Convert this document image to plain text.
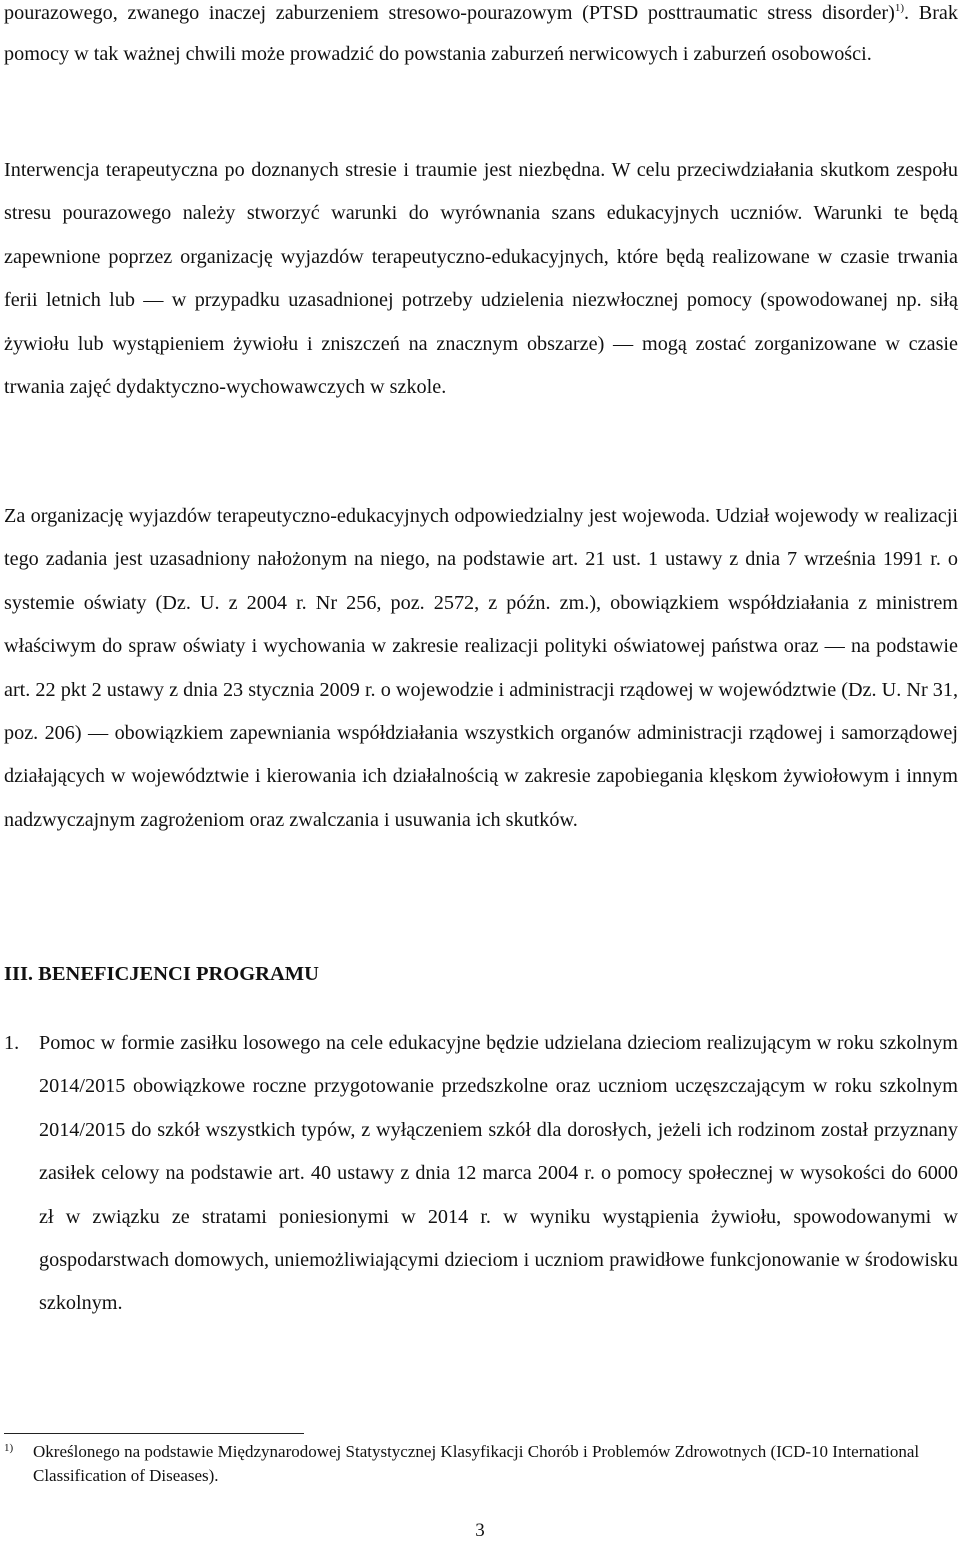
pourazowego, zwanego inaczej zaburzeniem stresowo-pourazowym (PTSD posttraumatic stress disorder)$^{1)}$. Brak pomocy w tak ważnej chwili może prowadzić do powstania zaburzeń nerwicowych i zaburzeń osobowości.

Interwencja terapeutyczna po doznanych stresie i traumie jest niezbędna. W celu przeciwdziałania skutkom zespołu stresu pourazowego należy stworzyć warunki do wyrównania szans edukacyjnych uczniów. Warunki te będą zapewnione poprzez organizację wyjazdów terapeutyczno-edukacyjnych, które będą realizowane w czasie trwania ferii letnich lub — w przypadku uzasadnionej potrzeby udzielenia niezwłocznej pomocy (spowodowanej np. siłą żywiołu lub wystąpieniem żywiołu i zniszczeń na znacznym obszarze) — mogą zostać zorganizowane w czasie trwania zajęć dydaktyczno-wychowawczych w szkole.

Za organizację wyjazdów terapeutyczno-edukacyjnych odpowiedzialny jest wojewoda. Udział wojewody w realizacji tego zadania jest uzasadniony nałożonym na niego, na podstawie art. 21 ust. 1 ustawy z dnia 7 września 1991 r. o systemie oświaty (Dz. U. z 2004 r. Nr 256, poz. 2572, z późn. zm.), obowiązkiem współdziałania z ministrem właściwym do spraw oświaty i wychowania w zakresie realizacji polityki oświatowej państwa oraz — na podstawie art. 22 pkt 2 ustawy z dnia 23 stycznia 2009 r. o wojewodzie i administracji rządowej w województwie (Dz. U. Nr 31, poz. 206) — obowiązkiem zapewniania współdziałania wszystkich organów administracji rządowej i samorządowej działających w województwie i kierowania ich działalnością w zakresie zapobiegania klęskom żywiołowym i innym nadzwyczajnym zagrożeniom oraz zwalczania i usuwania ich skutków.

III. BENEFICJENCI PROGRAMU
1. Pomoc w formie zasiłku losowego na cele edukacyjne będzie udzielana dzieciom realizującym w roku szkolnym 2014/2015 obowiązkowe roczne przygotowanie przedszkolne oraz uczniom uczęszczającym w roku szkolnym 2014/2015 do szkół wszystkich typów, z wyłączeniem szkół dla dorosłych, jeżeli ich rodzinom został przyznany zasiłek celowy na podstawie art. 40 ustawy z dnia 12 marca 2004 r. o pomocy społecznej w wysokości do 6000 zł w związku ze stratami poniesionymi w 2014 r. w wyniku wystąpienia żywiołu, spowodowanymi w gospodarstwach domowych, uniemożliwiającymi dzieciom i uczniom prawidłowe funkcjonowanie w środowisku szkolnym.

1) Określonego na podstawie Międzynarodowej Statystycznej Klasyfikacji Chorób i Problemów Zdrowotnych (ICD-10 International Classification of Diseases).
3
